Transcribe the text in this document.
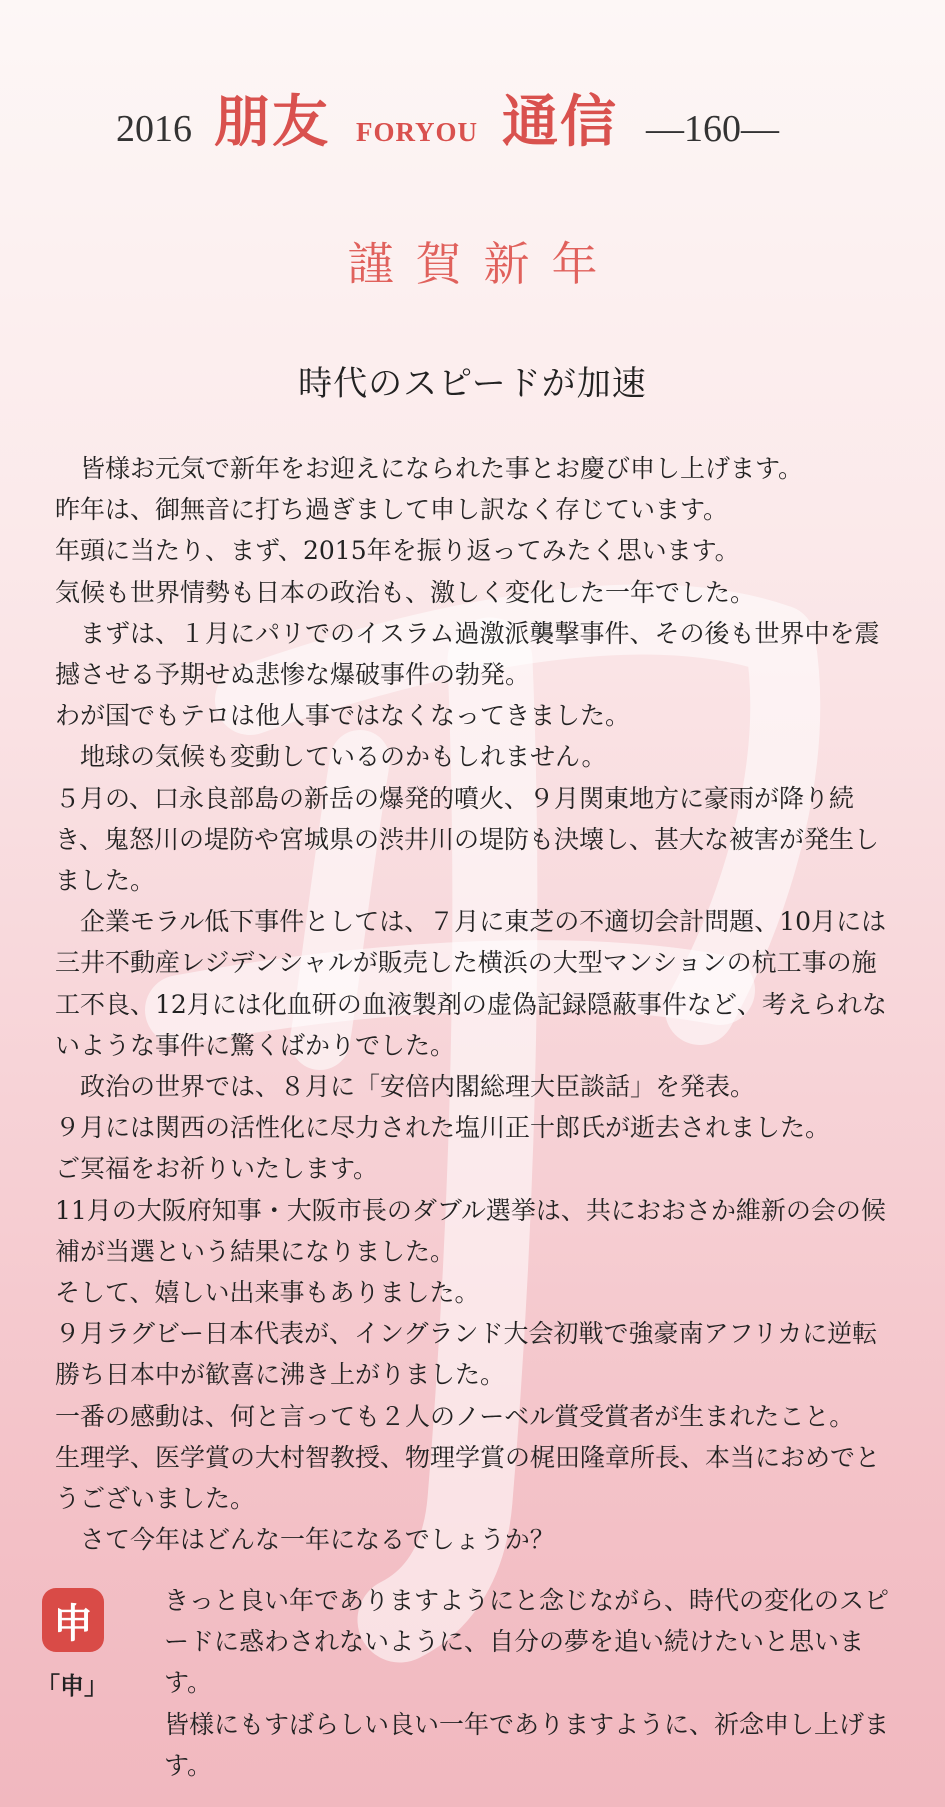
2016 朋友 FORYOU 通信 —160—
謹賀新年
時代のスピードが加速

皆様お元気で新年をお迎えになられた事とお慶び申し上げます。

昨年は、御無音に打ち過ぎまして申し訳なく存じています。

年頭に当たり、まず、2015年を振り返ってみたく思います。

気候も世界情勢も日本の政治も、激しく変化した一年でした。

まずは、１月にパリでのイスラム過激派襲撃事件、その後も世界中を震撼させる予期せぬ悲惨な爆破事件の勃発。

わが国でもテロは他人事ではなくなってきました。

地球の気候も変動しているのかもしれません。

５月の、口永良部島の新岳の爆発的噴火、９月関東地方に豪雨が降り続き、鬼怒川の堤防や宮城県の渋井川の堤防も決壊し、甚大な被害が発生しました。

企業モラル低下事件としては、７月に東芝の不適切会計問題、10月には三井不動産レジデンシャルが販売した横浜の大型マンションの杭工事の施工不良、12月には化血研の血液製剤の虚偽記録隠蔽事件など、考えられないような事件に驚くばかりでした。

政治の世界では、８月に「安倍内閣総理大臣談話」を発表。

９月には関西の活性化に尽力された塩川正十郎氏が逝去されました。

ご冥福をお祈りいたします。

11月の大阪府知事・大阪市長のダブル選挙は、共におおさか維新の会の候補が当選という結果になりました。

そして、嬉しい出来事もありました。

９月ラグビー日本代表が、イングランド大会初戦で強豪南アフリカに逆転勝ち日本中が歓喜に沸き上がりました。

一番の感動は、何と言っても２人のノーベル賞受賞者が生まれたこと。

生理学、医学賞の大村智教授、物理学賞の梶田隆章所長、本当におめでとうございました。

さて今年はどんな一年になるでしょうか？

申
「申」

きっと良い年でありますようにと念じながら、時代の変化のスピードに惑わされないように、自分の夢を追い続けたいと思います。

皆様にもすばらしい良い一年でありますように、祈念申し上げます。
